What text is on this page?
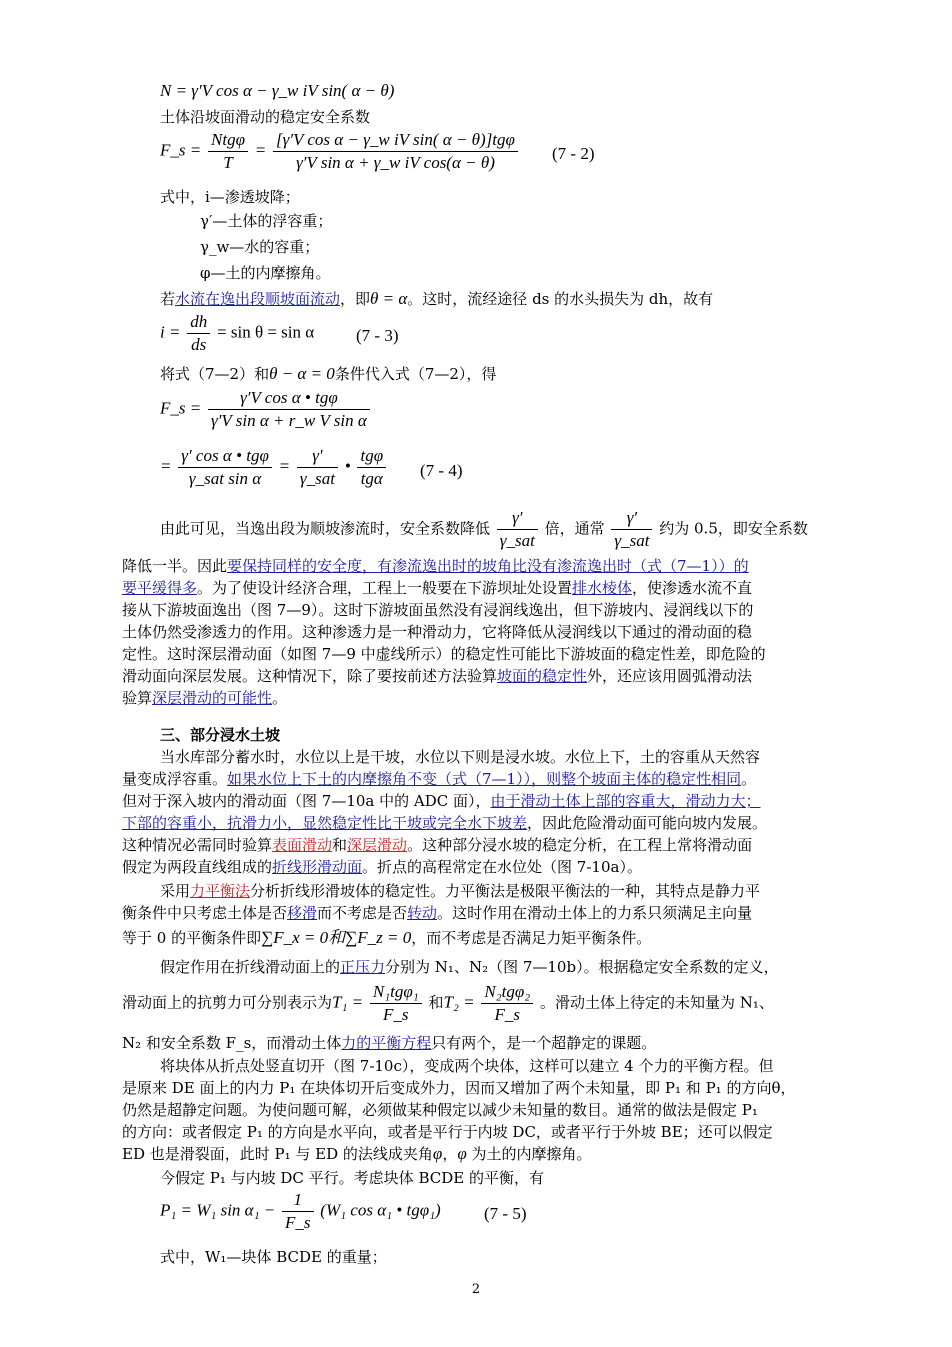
N = γ′V cos α − γ_w iV sin( α − θ)
土体沿坡面滑动的稳定安全系数
F_s = $\frac{\text{Ntgφ}}{T} = \frac{\text{[γ′V cos α − γ\_w iV sin( α − θ)]tgφ}}{\text{γ′V sin α + γ\_w iV cos(α − θ)}} (7 - 2)$
式中，i—渗透坡降；
γ′—土体的浮容重；
γ_w—水的容重；
φ—土的内摩擦角。
若水流在逸出段顺坡面流动，即θ = α。这时，流经途径 ds 的水头损失为 dh，故有
$i = \frac{dh}{ds} = \sin \theta = \sin \alpha$ (7 - 3)
将式（7—2）和θ − α = 0条件代入式（7—2），得
F_s = $\frac{\text{γ′V cos α • tgφ}}{\text{γ′V sin α + r\_w V sin α}}$
= $\frac{\text{γ′ cos α • tgφ}}{\text{γ\_sat sin α}} = \frac{\gamma'}{\text{γ\_sat}}$ • $\frac{\text{tgφ}}{\text{tgα}} (7 - 4)$
由此可见，当逸出段为顺坡渗流时，安全系数降低 $\frac{\gamma'}{\text{γ\_sat}}$ 倍，通常 $\frac{\gamma'}{\text{γ\_sat}}$ 约为 0.5，即安全系数
降低一半。因此要保持同样的安全度，有渗流逸出时的坡角比没有渗流逸出时（式（7—1））的
要平缓得多。为了使设计经济合理，工程上一般要在下游坝址处设置排水棱体，使渗透水流不直
接从下游坡面逸出（图 7—9）。这时下游坡面虽然没有浸润线逸出，但下游坡内、浸润线以下的
土体仍然受渗透力的作用。这种渗透力是一种滑动力，它将降低从浸润线以下通过的滑动面的稳
定性。这时深层滑动面（如图 7—9 中虚线所示）的稳定性可能比下游坡面的稳定性差，即危险的
滑动面向深层发展。这种情况下，除了要按前述方法验算坡面的稳定性外，还应该用圆弧滑动法
验算深层滑动的可能性。
三、部分浸水土坡
当水库部分蓄水时，水位以上是干坡，水位以下则是浸水坡。水位上下，土的容重从天然容
量变成浮容重。如果水位上下土的内摩擦角不变（式（7—1）），则整个坡面主体的稳定性相同。
但对于深入坡内的滑动面（图 7—10a 中的 ADC 面），由于滑动土体上部的容重大，滑动力大；
下部的容重小，抗滑力小，显然稳定性比干坡或完全水下坡差，因此危险滑动面可能向坡内发展。
这种情况必需同时验算表面滑动和深层滑动。这种部分浸水坡的稳定分析，在工程上常将滑动面
假定为两段直线组成的折线形滑动面。折点的高程常定在水位处（图 7-10a）。
采用力平衡法分析折线形滑坡体的稳定性。力平衡法是极限平衡法的一种，其特点是静力平
衡条件中只考虑土体是否移滑而不考虑是否转动。这时作用在滑动土体上的力系只须满足主向量
等于 0 的平衡条件即∑F_x = 0和∑F_z = 0，而不考虑是否满足力矩平衡条件。
假定作用在折线滑动面上的正压力分别为 N₁、N₂（图 7—10b）。根据稳定安全系数的定义，
滑动面上的抗剪力可分别表示为$T_1 = \frac{\text{N₁tgφ₁}}{F\_s}$ 和$T_2 = \frac{\text{N₂tgφ₂}}{F\_s}$ 。滑动土体上待定的未知量为 N₁、
N₂ 和安全系数 F_s，而滑动土体力的平衡方程只有两个，是一个超静定的课题。
将块体从折点处竖直切开（图 7-10c），变成两个块体，这样可以建立 4 个力的平衡方程。但
是原来 DE 面上的内力 P₁ 在块体切开后变成外力，因而又增加了两个未知量，即 P₁ 和 P₁ 的方向θ，
仍然是超静定问题。为使问题可解，必须做某种假定以减少未知量的数目。通常的做法是假定 P₁
的方向：或者假定 P₁ 的方向是水平向，或者是平行于内坡 DC，或者平行于外坡 BE；还可以假定
ED 也是滑裂面，此时 P₁ 与 ED 的法线成夹角φ，φ 为土的内摩擦角。
今假定 P₁ 与内坡 DC 平行。考虑块体 BCDE 的平衡，有
P₁ = W₁ $\sin \alpha_1 - \frac{1}{F\_s} (W_1$ cos α₁ • tgφ₁)	(7 - 5)
式中，W₁—块体 BCDE 的重量；
2
